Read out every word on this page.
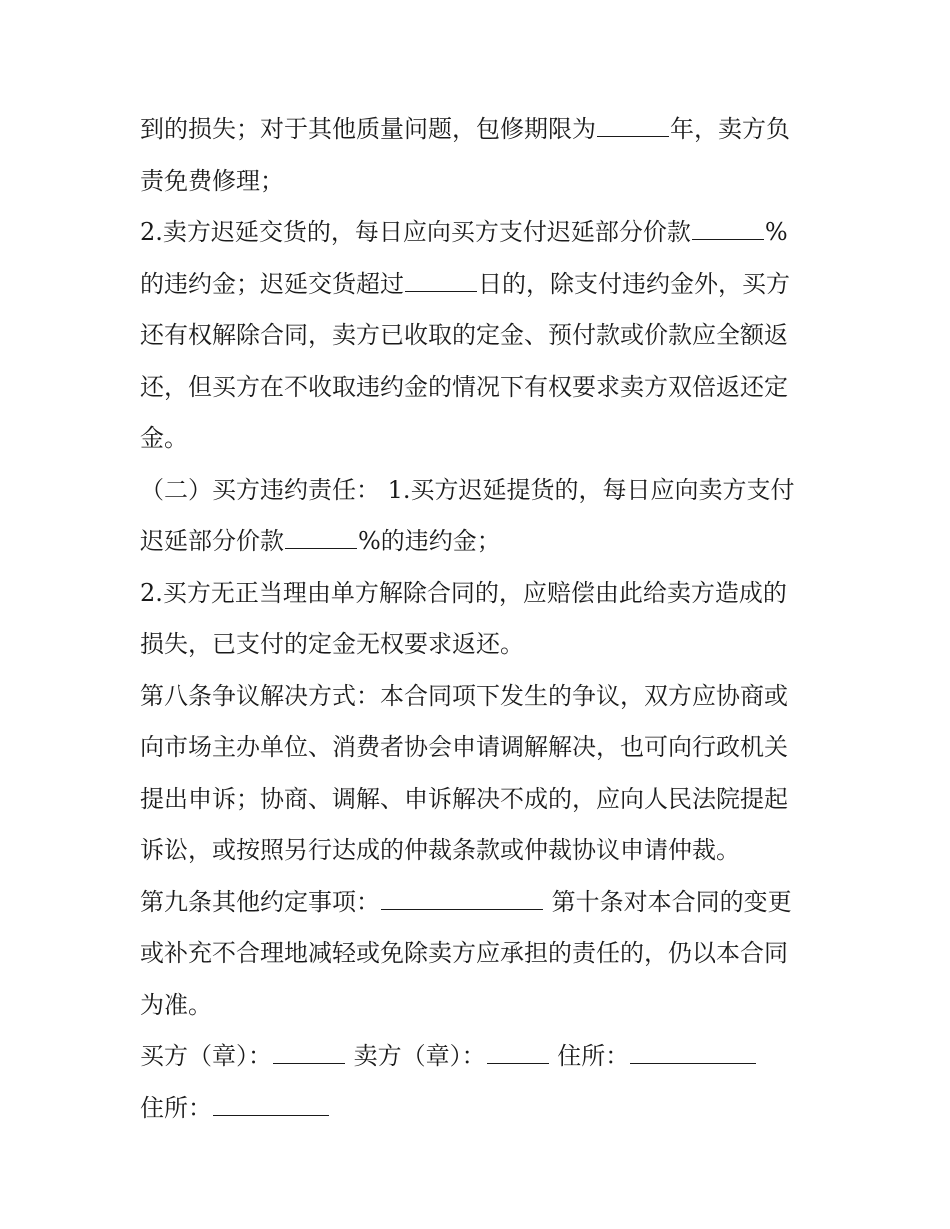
到的损失；对于其他质量问题，包修期限为	年，卖方负
责免费修理；
2.卖方迟延交货的，每日应向买方支付迟延部分价款	%
的违约金；迟延交货超过	日的，除支付违约金外，买方
还有权解除合同，卖方已收取的定金、预付款或价款应全额返
还，但买方在不收取违约金的情况下有权要求卖方双倍返还定
金。
（二）买方违约责任： 1.买方迟延提货的，每日应向卖方支付
迟延部分价款	%的违约金；
2.买方无正当理由单方解除合同的，应赔偿由此给卖方造成的
损失，已支付的定金无权要求返还。
第八条争议解决方式：本合同项下发生的争议，双方应协商或
向市场主办单位、消费者协会申请调解解决，也可向行政机关
提出申诉；协商、调解、申诉解决不成的，应向人民法院提起
诉讼，或按照另行达成的仲裁条款或仲裁协议申请仲裁。
第九条其他约定事项：	第十条对本合同的变更
或补充不合理地减轻或免除卖方应承担的责任的，仍以本合同
为准。
买方（章）：	卖方（章）：	住所：
住所：
